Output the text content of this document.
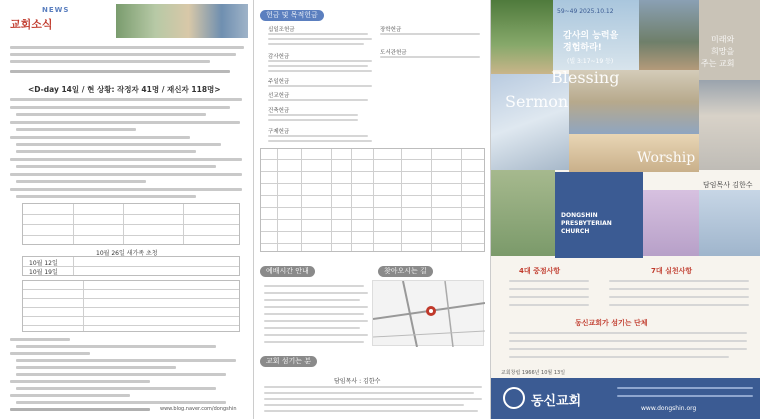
NEWS
교회소식
<D-day 14일 / 현 상황: 작정자 41명 / 재신자 118명>
10월 26일 새가족 초청
10월 12일
10월 19일
www.blog.naver.com/dongshin
헌금 및 목적헌금
십일조헌금
감사헌금
주일헌금
선교헌금
건축헌금
구제헌금
장학헌금
도서관헌금
예배시간 안내	찾아오시는 길
교회 섬기는 분
담임목사 : 김한수
59~49 2025.10.12
감사의 능력을
경험하라!
(빌 3:17~19 등)
미래와
희망을
주는 교회
Blessing
Sermon
Worship
담임목사 김한수
DONGSHIN PRESBYTERIAN CHURCH
4대 중점사항	7대 실천사항
동신교회가 섬기는 단체
교회창립 1966년 10월 13일
동신교회	www.dongshin.org
